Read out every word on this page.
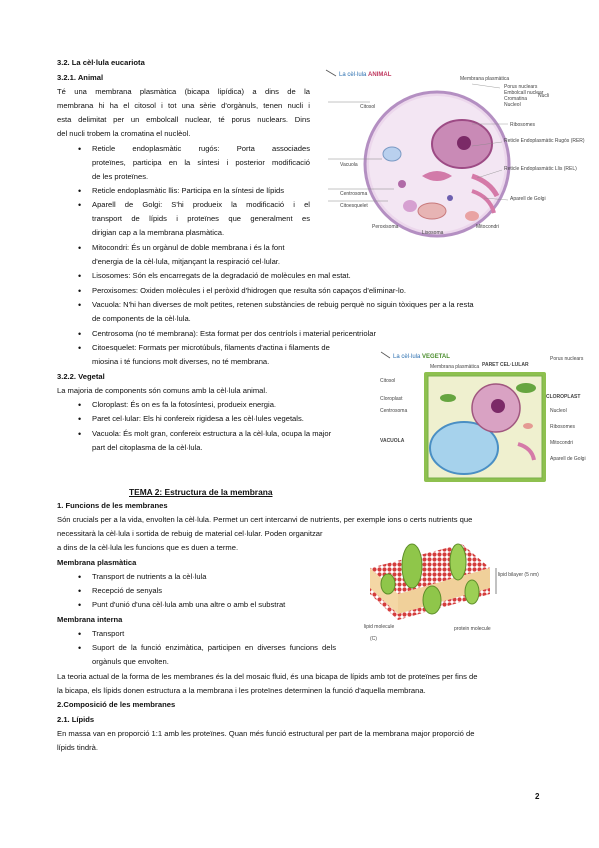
3.2. La cèl·lula eucariota
3.2.1. Animal
Té una membrana plasmàtica (bicapa lipídica) a dins de la
membrana hi ha el citosol i tot una sèrie d'orgànuls, tenen nucli i
esta delimitat per un embolcall nuclear, té porus nuclears. Dins
del nucli trobem la cromatina el nuclèol.
• Reticle endoplasmàtic rugós: Porta associades
proteïnes, participa en la síntesi i posterior modificació
de les proteïnes.
• Reticle endoplasmàtic llis: Participa en la síntesi de lípids
• Aparell de Golgi: S'hi produeix la modificació i el
transport de lípids i proteïnes que generalment es
dirigian cap a la membrana plasmàtica.
• Mitocondri: És un orgànul de doble membrana i és la font
d'energia de la cèl·lula, mitjançant la respiració cel·lular.
• Lisosomes: Són els encarregats de la degradació de molècules en mal estat.
• Peroxisomes: Oxiden molècules i el peròxid d'hidrogen que resulta són capaços d'eliminar-lo.
• Vacuola: N'hi han diverses de molt petites, retenen substàncies de rebuig perquè no siguin tòxiques per a la resta
de components de la cèl·lula.
• Centrosoma (no té membrana): Esta format per dos centríols i material pericentriolar
• Citoesquelet: Formats per microtúbuls, filaments d'actina i filaments de
miosina i té funcions molt diverses, no té membrana.
3.2.2. Vegetal
La majoria de components són comuns amb la cèl·lula animal.
• Cloroplast: És on es fa la fotosíntesi, produeix energia.
• Paret cel·lular: Els hi confereix rigidesa a les cèl·lules vegetals.
• Vacuola: És molt gran, confereix estructura a la cèl·lula, ocupa la major
part del citoplasma de la cèl·lula.
TEMA 2: Estructura de la membrana
1. Funcions de les membranes
Són crucials per a la vida, envolten la cèl·lula. Permet un cert intercanvi de nutrients, per exemple ions o certs nutrients que
necessitarà la cèl·lula i sortida de rebuig de material cel·lular. Poden organitzar
a dins de la cèl·lula les funcions que es duen a terme.
Membrana plasmàtica
• Transport de nutrients a la cèl·lula
• Recepció de senyals
• Punt d'unió d'una cèl·lula amb una altre o amb el substrat
Membrana interna
• Transport
• Suport de la funció enzimàtica, participen en diverses funcions dels
orgànuls que envolten.
La teoria actual de la forma de les membranes és la del mosaic fluid, és una bicapa de lípids amb tot de proteïnes per fins de
la bicapa, els lípids donen estructura a la membrana i les proteïnes determinen la funció d'aquella membrana.
2.Composició de les membranes
2.1. Lípids
En massa van en proporció 1:1 amb les proteïnes. Quan més funció estructural per part de la membrana major proporció de
lípids tindrà.
2
La cèl·lula ANIMAL
Citosol
Vacuola
Centrosoma
Citoesquelet
Membrana plasmàtica
Porus nuclears
Embolcall nuclear
Cromatina
Nucleol
Nucli
Ribosomes
Reticle Endoplasmàtic Rugós (RER)
Reticle Endoplasmàtic Llis (REL)
Aparell de Golgi
Peroxisoma
Lisosoma
Mitocondri
La cèl·lula VEGETAL
Citosol
Cloroplast
Centrosoma
VACUOLA
Membrana plasmàtica PARET CEL·LULAR
CLOROPLAST
Porus nuclears
Nucleol
Ribosomes
Mitocondri
Aparell de Golgi
lipid bilayer (5 nm)
lipid molecule	protein molecule
(C)
